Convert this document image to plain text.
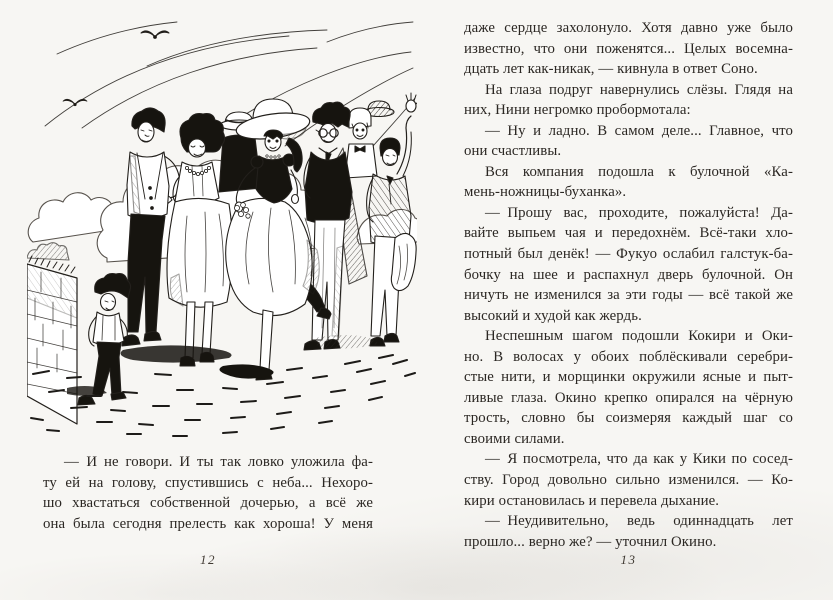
— И не говори. И ты так ловко уложила фа-
ту ей на голову, спустившись с неба... Нехоро-
шо хвастаться собственной дочерью, а всё же
она была сегодня прелесть как хороша! У меня
12
даже сердце захолонуло. Хотя давно уже было
известно, что они поженятся... Целых восемна-
дцать лет как-никак, — кивнула в ответ Соно.
На глаза подруг навернулись слёзы. Глядя на
них, Нини негромко пробормотала:
— Ну и ладно. В самом деле... Главное, что
они счастливы.
Вся компания подошла к булочной «Ка-
мень-ножницы-буханка».
— Прошу вас, проходите, пожалуйста! Да-
вайте выпьем чая и передохнём. Всё-таки хло-
потный был денёк! — Фукуо ослабил галстук-ба-
бочку на шее и распахнул дверь булочной. Он
ничуть не изменился за эти годы — всё такой же
высокий и худой как жердь.
Неспешным шагом подошли Кокири и Оки-
но. В волосах у обоих поблёскивали серебри-
стые нити, и морщинки окружили ясные и пыт-
ливые глаза. Окино крепко опирался на чёрную
трость, словно бы соизмеряя каждый шаг со
своими силами.
— Я посмотрела, что да как у Кики по сосед-
ству. Город довольно сильно изменился. — Ко-
кири остановилась и перевела дыхание.
— Неудивительно, ведь одиннадцать лет
прошло... верно же? — уточнил Окино.
13
